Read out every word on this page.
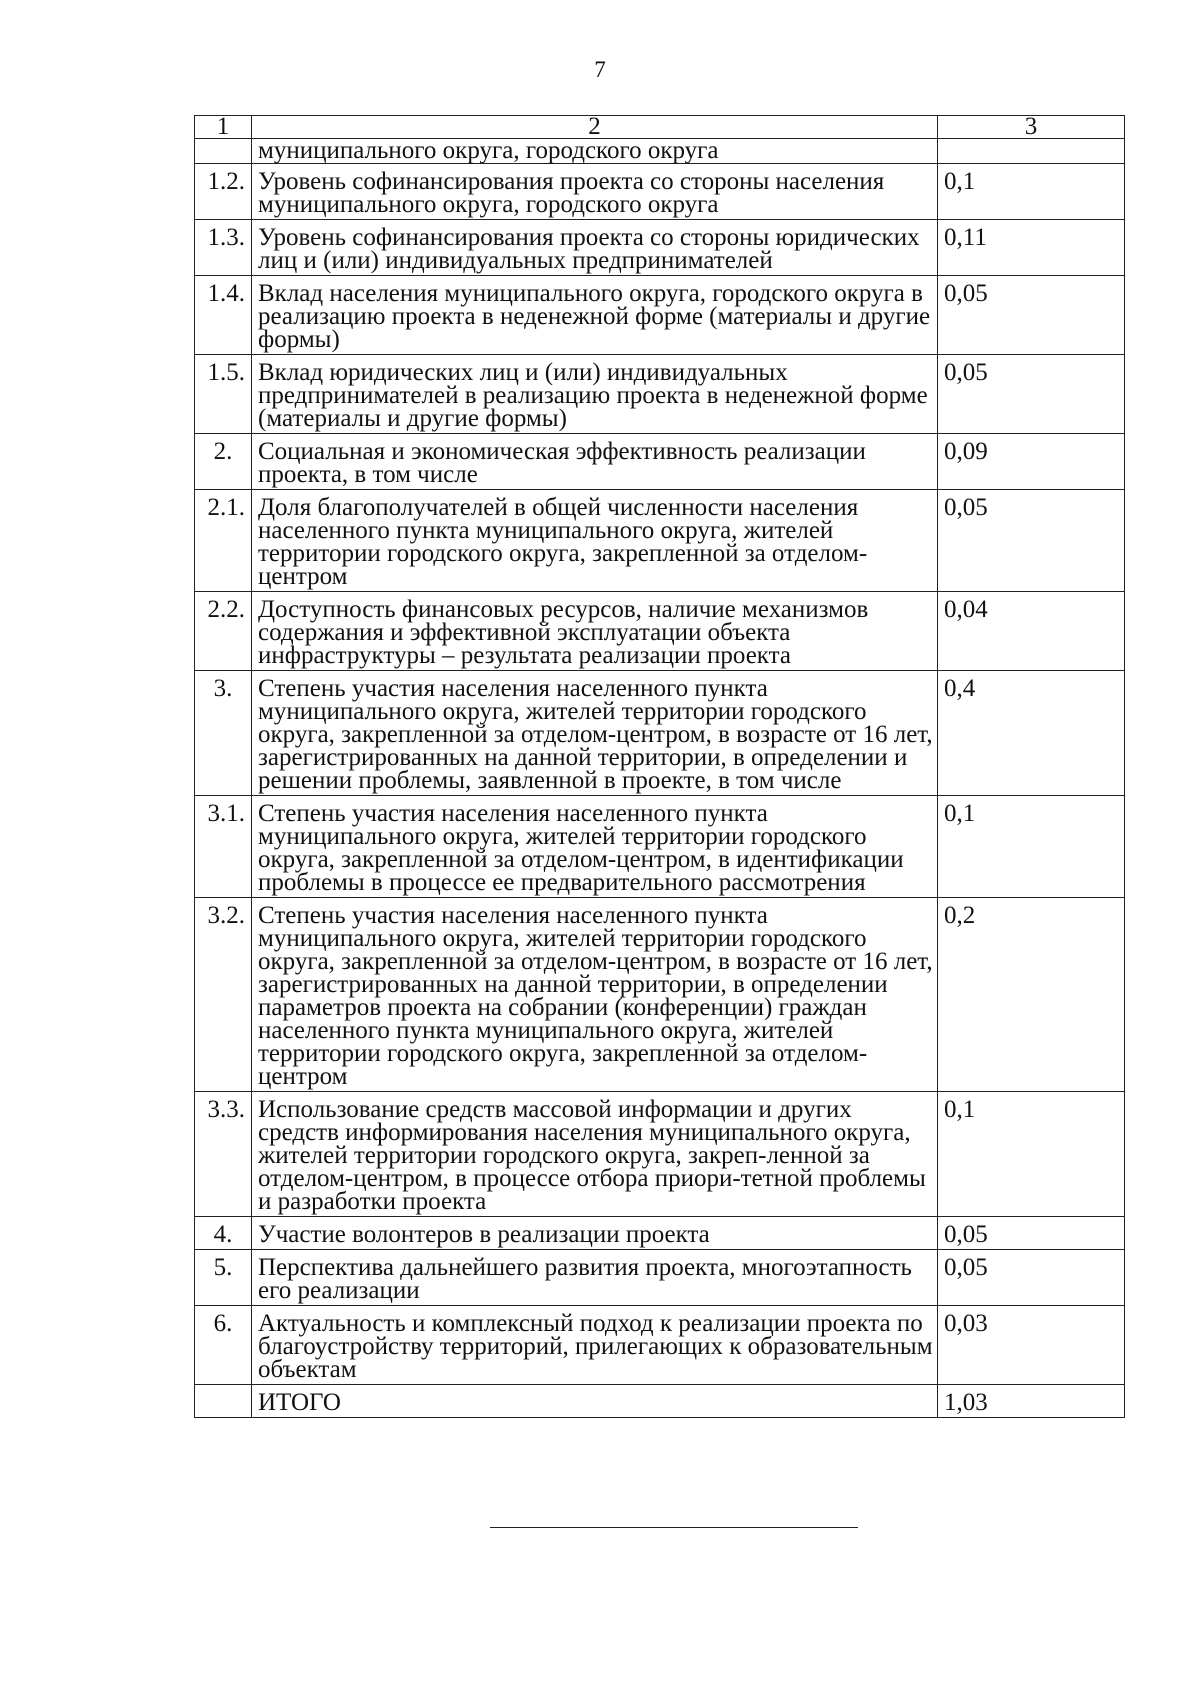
7
1	2	3
	муниципального округа, городского округа	
1.2.	Уровень софинансирования проекта со стороны населения муниципального округа, городского округа	0,1
1.3.	Уровень софинансирования проекта со стороны юридических лиц и (или) индивидуальных предпринимателей	0,11
1.4.	Вклад населения муниципального округа, городского округа в реализацию проекта в неденежной форме (материалы и другие формы)	0,05
1.5.	Вклад юридических лиц и (или) индивидуальных предпринимателей в реализацию проекта в неденежной форме (материалы и другие формы)	0,05
2.	Социальная и экономическая эффективность реализации проекта, в том числе	0,09
2.1.	Доля благополучателей в общей численности населения населенного пункта муниципального округа, жителей территории городского округа, закрепленной за отделом-центром	0,05
2.2.	Доступность финансовых ресурсов, наличие механизмов содержания и эффективной эксплуатации объекта инфраструктуры – результата реализации проекта	0,04
3.	Степень участия населения населенного пункта муниципального округа, жителей территории городского округа, закрепленной за отделом-центром, в возрасте от 16 лет, зарегистрированных на данной территории, в определении и решении проблемы, заявленной в проекте, в том числе	0,4
3.1.	Степень участия населения населенного пункта муниципального округа, жителей территории городского округа, закрепленной за отделом-центром, в идентификации проблемы в процессе ее предварительного рассмотрения	0,1
3.2.	Степень участия населения населенного пункта муниципального округа, жителей территории городского округа, закрепленной за отделом-центром, в возрасте от 16 лет, зарегистрированных на данной территории, в определении параметров проекта на собрании (конференции) граждан населенного пункта муниципального округа, жителей территории городского округа, закрепленной за отделом-центром	0,2
3.3.	Использование средств массовой информации и других средств информирования населения муниципального округа, жителей территории городского округа, закреп-ленной за отделом-центром, в процессе отбора приори-тетной проблемы и разработки проекта	0,1
4.	Участие волонтеров в реализации проекта	0,05
5.	Перспектива дальнейшего развития проекта, многоэтапность его реализации	0,05
6.	Актуальность и комплексный подход к реализации проекта по благоустройству территорий, прилегающих к образовательным объектам	0,03
	ИТОГО	1,03
